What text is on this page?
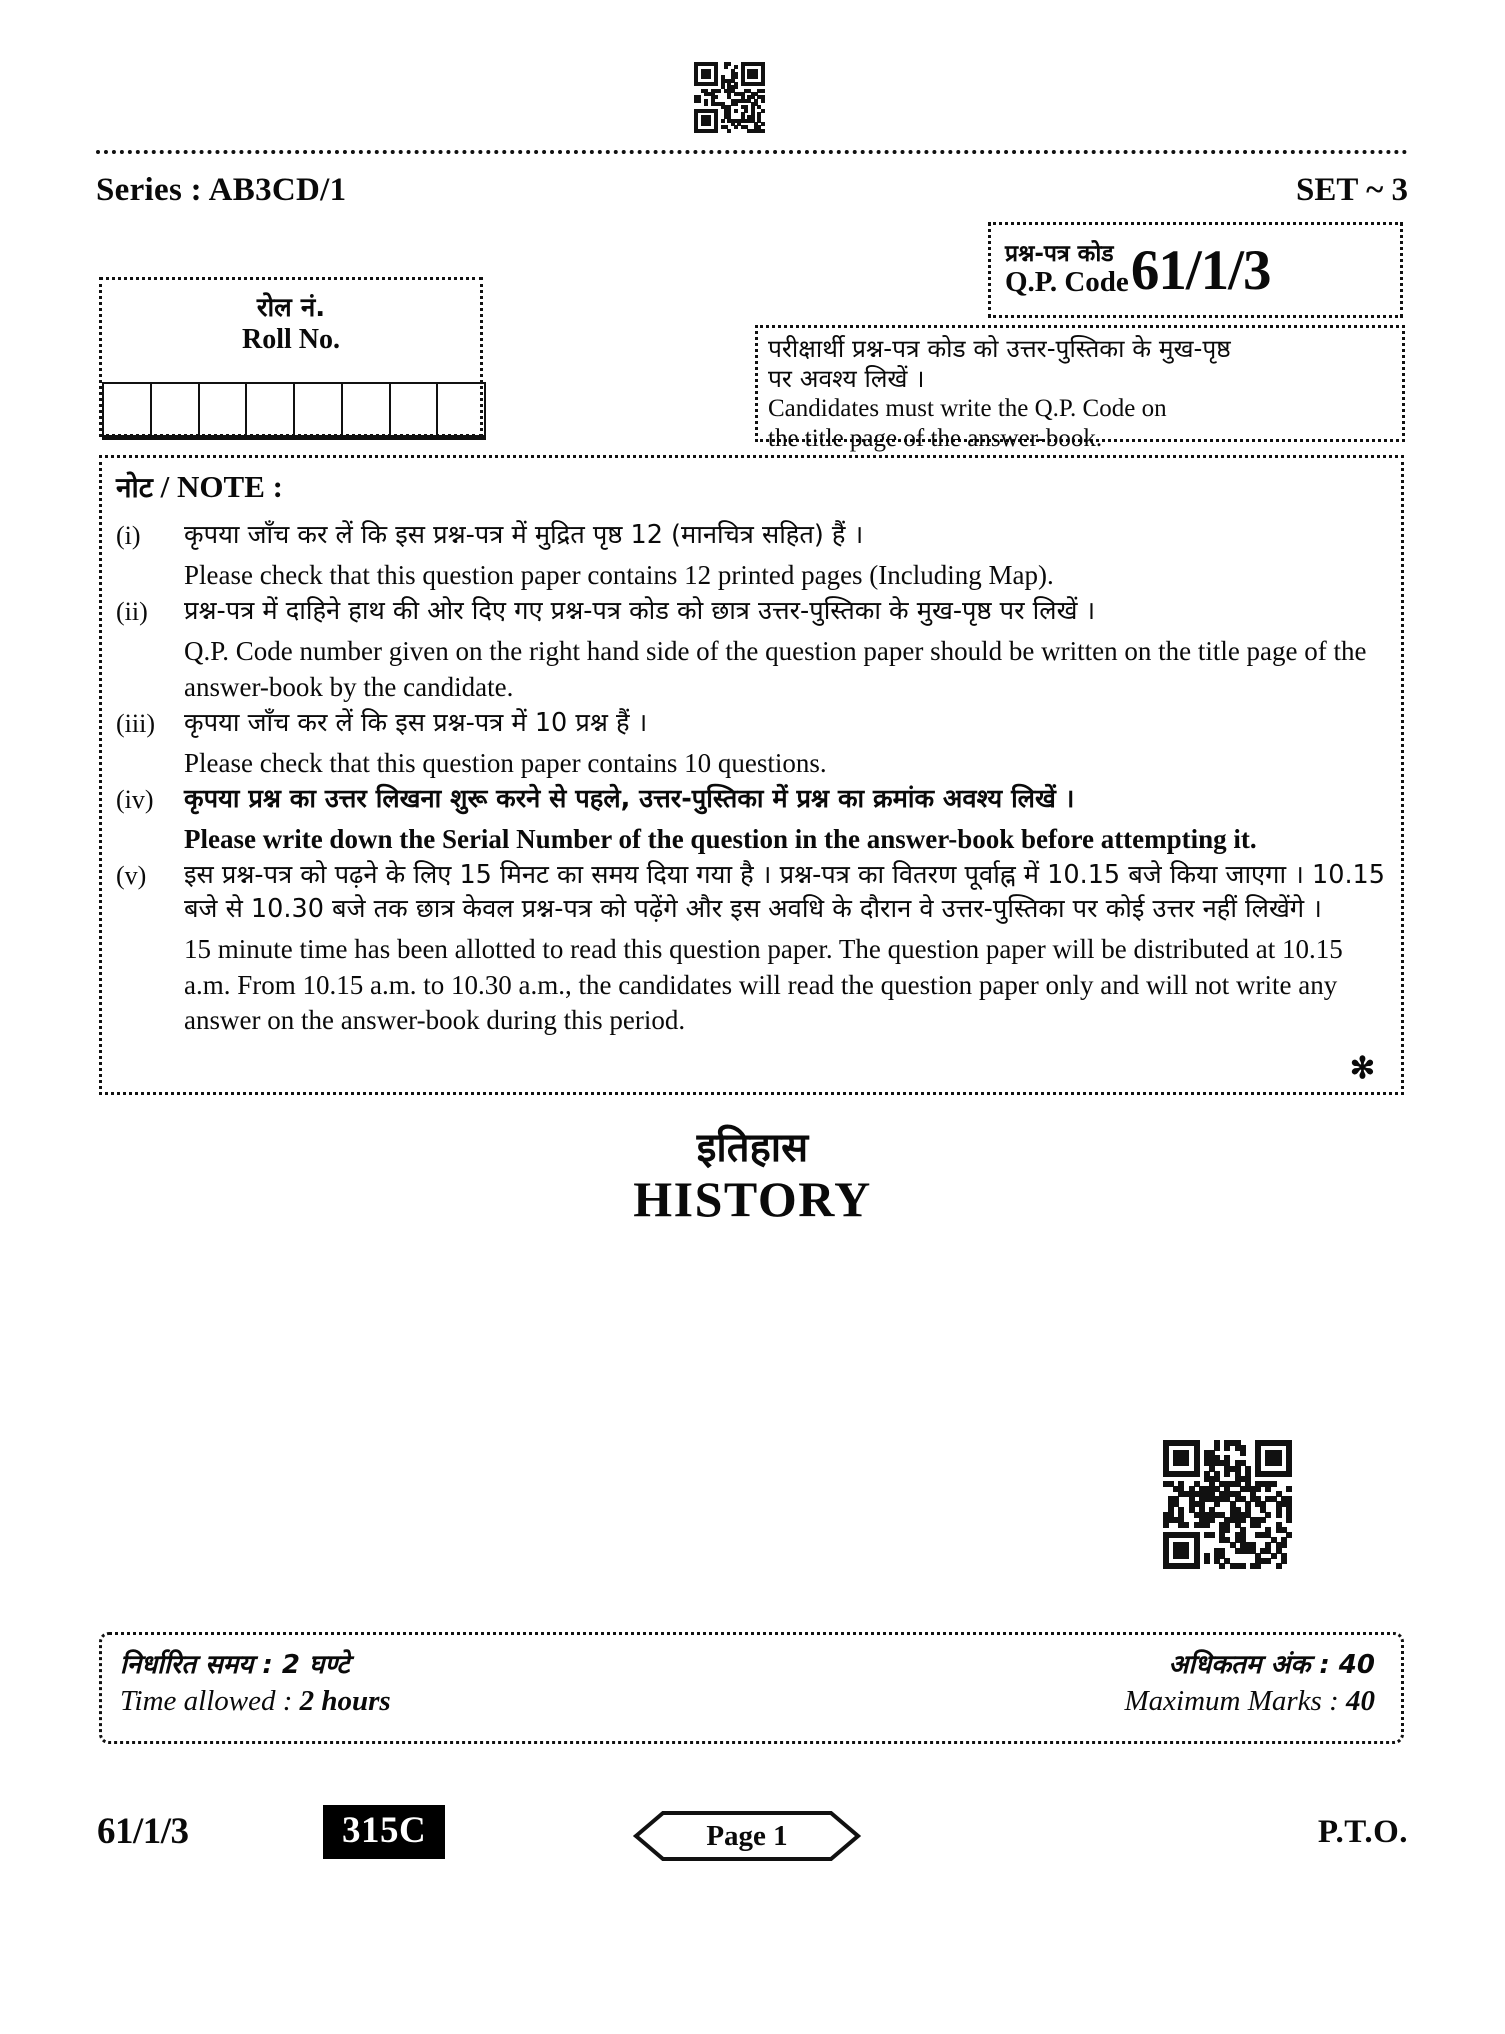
Series : AB3CD/1	SET ~ 3
रोल नं.
Roll No.
प्रश्न-पत्र कोड
Q.P. Code 61/1/3
परीक्षार्थी प्रश्न-पत्र कोड को उत्तर-पुस्तिका के मुख-पृष्ठ
पर अवश्य लिखें ।
Candidates must write the Q.P. Code on
the title page of the answer-book.
नोट / NOTE :
(i)	कृपया जाँच कर लें कि इस प्रश्न-पत्र में मुद्रित पृष्ठ 12 (मानचित्र सहित) हैं ।
Please check that this question paper contains 12 printed pages (Including Map).
(ii)	प्रश्न-पत्र में दाहिने हाथ की ओर दिए गए प्रश्न-पत्र कोड को छात्र उत्तर-पुस्तिका के मुख-पृष्ठ पर लिखें ।
Q.P. Code number given on the right hand side of the question paper should be written on the title page of the answer-book by the candidate.
(iii)	कृपया जाँच कर लें कि इस प्रश्न-पत्र में 10 प्रश्न हैं ।
Please check that this question paper contains 10 questions.
(iv)	कृपया प्रश्न का उत्तर लिखना शुरू करने से पहले, उत्तर-पुस्तिका में प्रश्न का क्रमांक अवश्य लिखें ।
Please write down the Serial Number of the question in the answer-book before attempting it.
(v)	इस प्रश्न-पत्र को पढ़ने के लिए 15 मिनट का समय दिया गया है । प्रश्न-पत्र का वितरण पूर्वाह्न में 10.15 बजे किया जाएगा । 10.15 बजे से 10.30 बजे तक छात्र केवल प्रश्न-पत्र को पढ़ेंगे और इस अवधि के दौरान वे उत्तर-पुस्तिका पर कोई उत्तर नहीं लिखेंगे ।
15 minute time has been allotted to read this question paper. The question paper will be distributed at 10.15 a.m. From 10.15 a.m. to 10.30 a.m., the candidates will read the question paper only and will not write any answer on the answer-book during this period.
✻
इतिहास
HISTORY
निर्धारित समय : 2 घण्टे	अधिकतम अंक : 40
Time allowed : 2 hours	Maximum Marks : 40
61/1/3	315C	Page 1	P.T.O.
